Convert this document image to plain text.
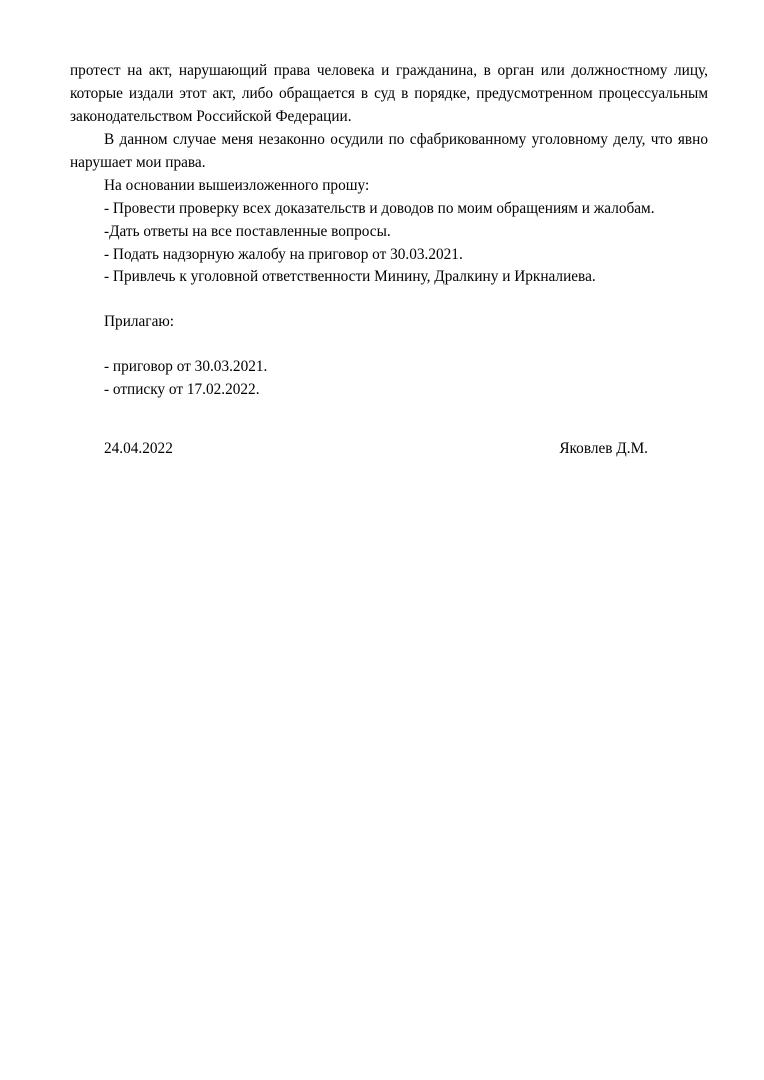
протест на акт, нарушающий права человека и гражданина, в орган или должностному лицу, которые издали этот акт, либо обращается в суд в порядке, предусмотренном процессуальным законодательством Российской Федерации.

В данном случае меня незаконно осудили по сфабрикованному уголовному делу, что явно нарушает мои права.

На основании вышеизложенного прошу:

- Провести проверку всех доказательств и доводов по моим обращениям и жалобам.

-Дать ответы на все поставленные вопросы.

- Подать надзорную жалобу на приговор от 30.03.2021.

- Привлечь к уголовной ответственности Минину, Дралкину и Иркналиева.

Прилагаю:

- приговор от 30.03.2021.

- отписку от 17.02.2022.

24.04.2022	Яковлев Д.М.
